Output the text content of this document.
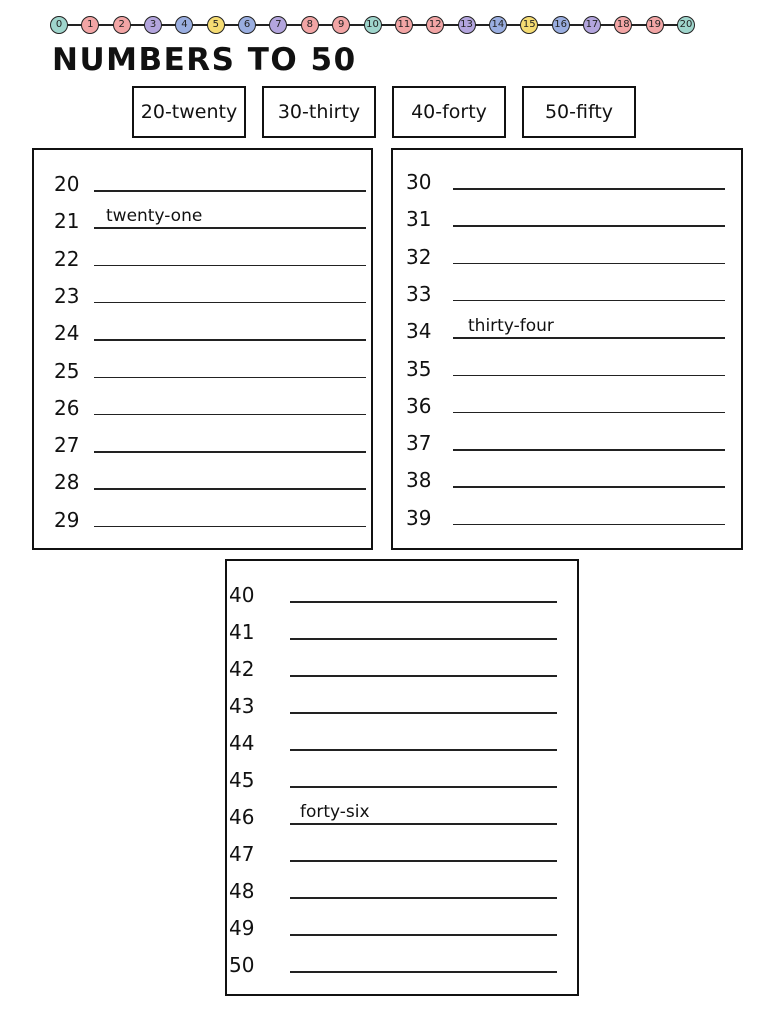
0	1	2	3	4	5	6	7	8	9	10 11 12 13 14 15 16 17 18 19 20
NUMBERS TO 50
20-twenty	30-thirty	40-forty	50-fifty
20
21 twenty-one
22
23
24
25
26
27
28
29
30
31
32
33
34 thirty-four
35
36
37
38
39
40
41
42
43
44
45
46	forty-six
47
48
49
50
